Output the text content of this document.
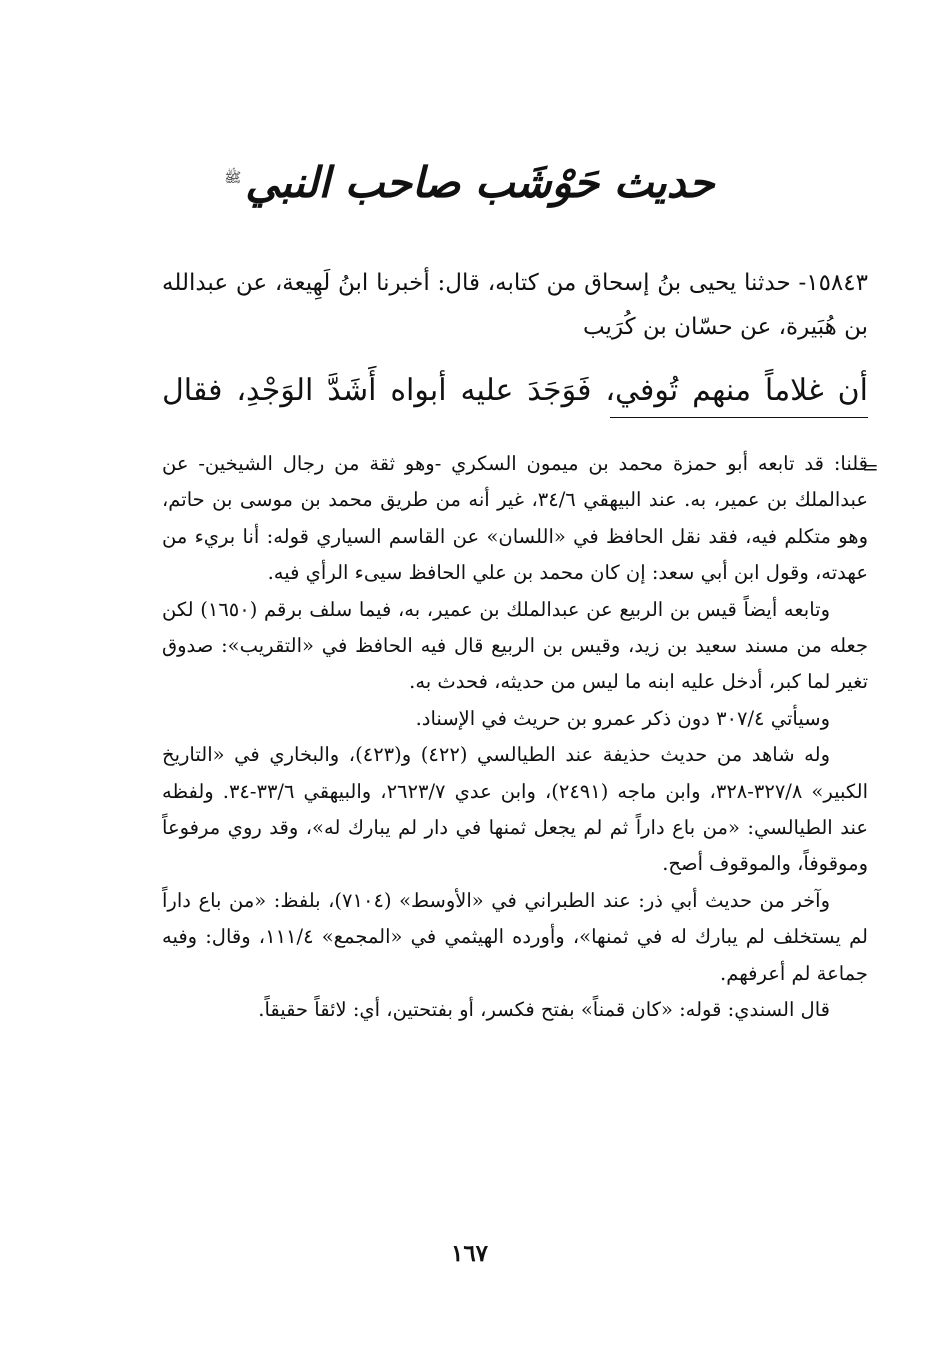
حديث حَوْشَب صاحب النبي$^ﷺ$

١٥٨٤٣- حدثنا يحيى بنُ إسحاق من كتابه، قال: أخبرنا ابنُ لَهِيعة، عن عبدالله بن هُبَيرة، عن حسّان بن كُرَيب

أن غلاماً منهم تُوفي، فَوَجَدَ عليه أبواه أَشَدَّ الوَجْدِ، فقال

=

قلنا: قد تابعه أبو حمزة محمد بن ميمون السكري -وهو ثقة من رجال الشيخين- عن عبدالملك بن عمير، به. عند البيهقي ٣٤/٦، غير أنه من طريق محمد بن موسى بن حاتم، وهو متكلم فيه، فقد نقل الحافظ في «اللسان» عن القاسم السياري قوله: أنا بريء من عهدته، وقول ابن أبي سعد: إن كان محمد بن علي الحافظ سيىء الرأي فيه.

وتابعه أيضاً قيس بن الربيع عن عبدالملك بن عمير، به، فيما سلف برقم (١٦٥٠) لكن جعله من مسند سعيد بن زيد، وقيس بن الربيع قال فيه الحافظ في «التقريب»: صدوق تغير لما كبر، أدخل عليه ابنه ما ليس من حديثه، فحدث به.

وسيأتي ٣٠٧/٤ دون ذكر عمرو بن حريث في الإسناد.

وله شاهد من حديث حذيفة عند الطيالسي (٤٢٢) و(٤٢٣)، والبخاري في «التاريخ الكبير» ٣٢٧/٨-٣٢٨، وابن ماجه (٢٤٩١)، وابن عدي ٢٦٢٣/٧، والبيهقي ٣٣/٦-٣٤. ولفظه عند الطيالسي: «من باع داراً ثم لم يجعل ثمنها في دار لم يبارك له»، وقد روي مرفوعاً وموقوفاً، والموقوف أصح.

وآخر من حديث أبي ذر: عند الطبراني في «الأوسط» (٧١٠٤)، بلفظ: «من باع داراً لم يستخلف لم يبارك له في ثمنها»، وأورده الهيثمي في «المجمع» ١١١/٤، وقال: وفيه جماعة لم أعرفهم.

قال السندي: قوله: «كان قمناً» بفتح فكسر، أو بفتحتين، أي: لائقاً حقيقاً.

١٦٧
